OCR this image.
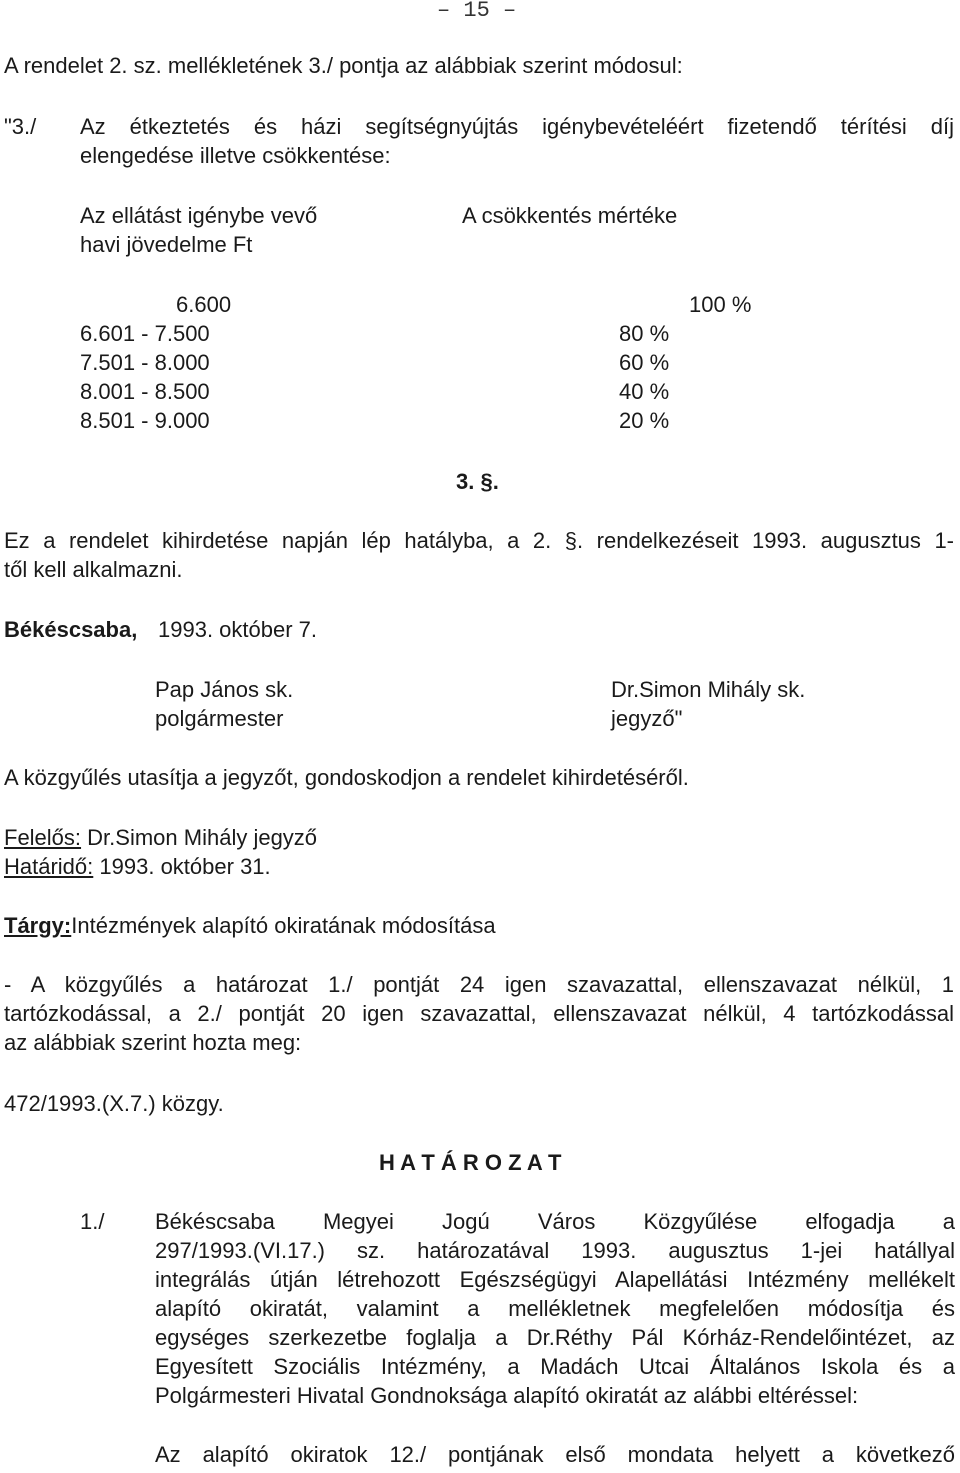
– 15 –
A rendelet 2. sz. mellékletének 3./ pontja az alábbiak szerint módosul:
"3./ Az étkeztetés és házi segítségnyújtás igénybevételéért fizetendő térítési díj
elengedése illetve csökkentése:
Az ellátást igénybe vevő
havi jövedelme Ft
A csökkentés mértéke
6.600	100 %
6.601 - 7.500	80 %
7.501 - 8.000	60 %
8.001 - 8.500	40 %
8.501 - 9.000	20 %
3. §.
Ez a rendelet kihirdetése napján lép hatályba, a 2. §. rendelkezéseit 1993. augusztus 1-
től kell alkalmazni.
Békéscsaba, 1993. október 7.
Pap János sk.
polgármester
Dr.Simon Mihály sk.
jegyző"
A közgyűlés utasítja a jegyzőt, gondoskodjon a rendelet kihirdetéséről.
Felelős: Dr.Simon Mihály jegyző
Határidő: 1993. október 31.
Tárgy:Intézmények alapító okiratának módosítása
- A közgyűlés a határozat 1./ pontját 24 igen szavazattal, ellenszavazat nélkül, 1
tartózkodással, a 2./ pontját 20 igen szavazattal, ellenszavazat nélkül, 4 tartózkodással
az alábbiak szerint hozta meg:
472/1993.(X.7.) közgy.
H A T Á R O Z A T
1./ Békéscsaba Megyei Jogú Város Közgyűlése elfogadja a
297/1993.(VI.17.) sz. határozatával 1993. augusztus 1-jei hatállyal
integrálás útján létrehozott Egészségügyi Alapellátási Intézmény mellékelt
alapító okiratát, valamint a mellékletnek megfelelően módosítja és
egységes szerkezetbe foglalja a Dr.Réthy Pál Kórház-Rendelőintézet, az
Egyesített Szociális Intézmény, a Madách Utcai Általános Iskola és a
Polgármesteri Hivatal Gondnoksága alapító okiratát az alábbi eltéréssel:
Az alapító okiratok 12./ pontjának első mondata helyett a következő
